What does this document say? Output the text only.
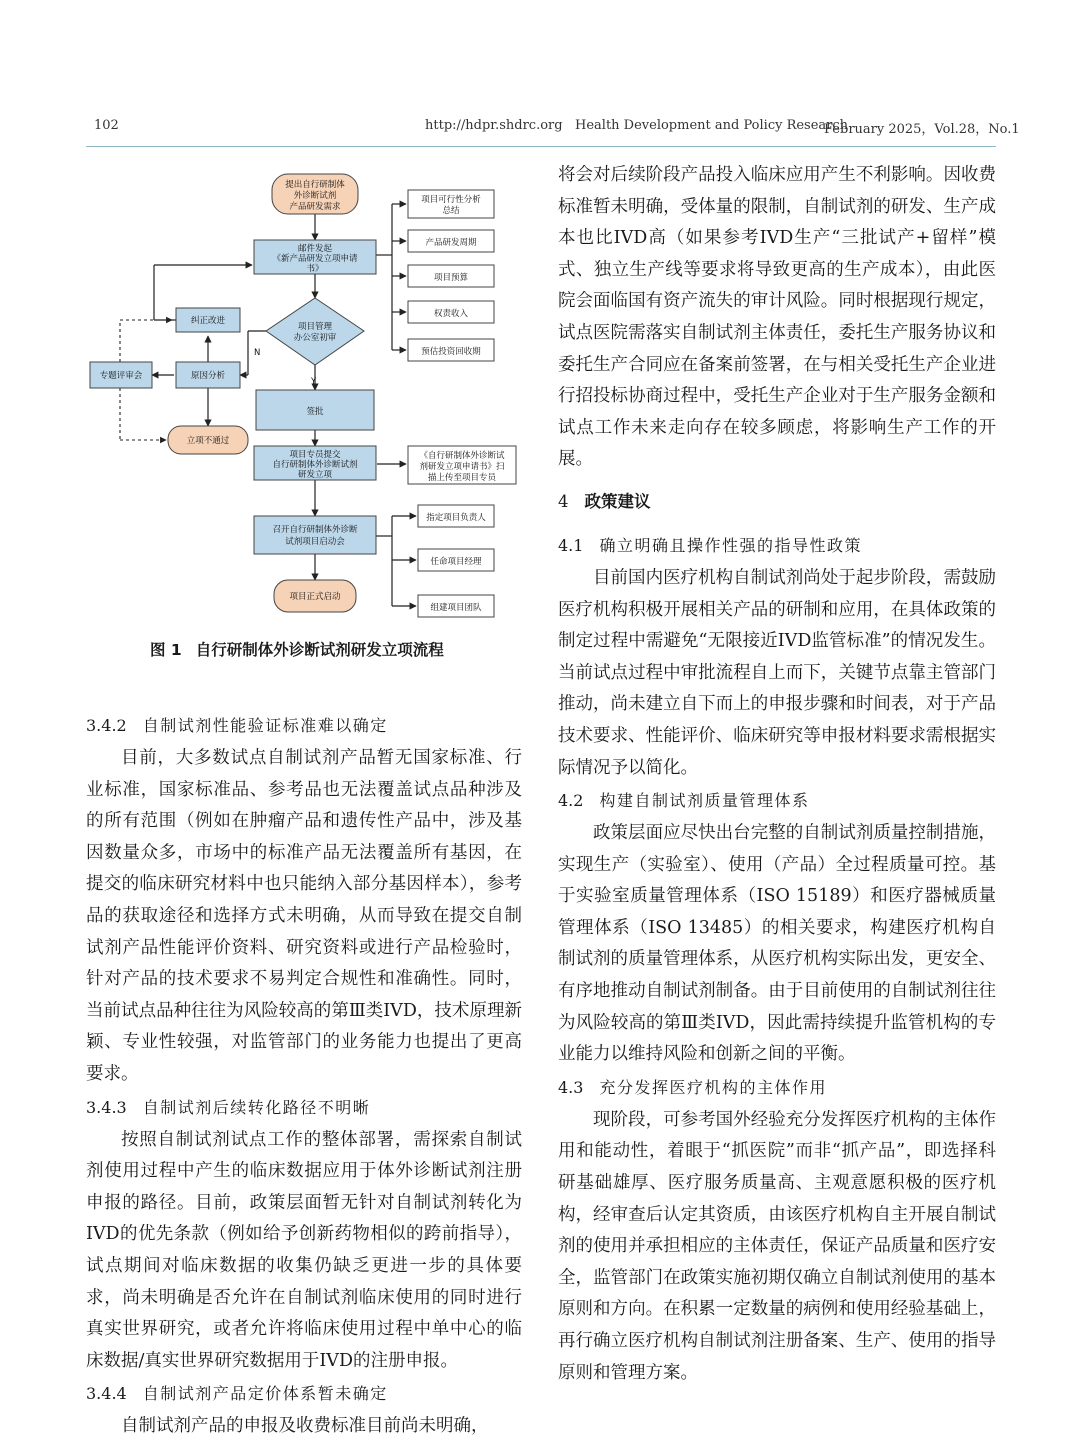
102	http://hdpr.shdrc.org Health Development and Policy Research
February 2025，Vol.28，No.1
提出自行研制体
外诊断试剂
产品研发需求
邮件发起
《新产品研发立项申请
书》
项目管理
办公室初审
N
Y
签批
项目专员提交
自行研制体外诊断试剂
研发立项
召开自行研制体外诊断
试剂项目启动会
项目正式启动
纠正改进
原因分析
专题评审会
立项不通过
项目可行性分析
总结
产品研发周期
项目预算
权责收入
预估投资回收期
《自行研制体外诊断试
剂研发立项申请书》扫
描上传至项目专员
指定项目负责人
任命项目经理
组建项目团队
图 1 自行研制体外诊断试剂研发立项流程

3.4.2 自制试剂性能验证标准难以确定

目前，大多数试点自制试剂产品暂无国家标准、行业标准，国家标准品、参考品也无法覆盖试点品种涉及的所有范围（例如在肿瘤产品和遗传性产品中，涉及基因数量众多，市场中的标准产品无法覆盖所有基因，在提交的临床研究材料中也只能纳入部分基因样本），参考品的获取途径和选择方式未明确，从而导致在提交自制试剂产品性能评价资料、研究资料或进行产品检验时，针对产品的技术要求不易判定合规性和准确性。同时，当前试点品种往往为风险较高的第Ⅲ类IVD，技术原理新颖、专业性较强，对监管部门的业务能力也提出了更高要求。

3.4.3 自制试剂后续转化路径不明晰

按照自制试剂试点工作的整体部署，需探索自制试剂使用过程中产生的临床数据应用于体外诊断试剂注册申报的路径。目前，政策层面暂无针对自制试剂转化为IVD的优先条款（例如给予创新药物相似的跨前指导），试点期间对临床数据的收集仍缺乏更进一步的具体要求，尚未明确是否允许在自制试剂临床使用的同时进行真实世界研究，或者允许将临床使用过程中单中心的临床数据/真实世界研究数据用于IVD的注册申报。

3.4.4 自制试剂产品定价体系暂未确定

自制试剂产品的申报及收费标准目前尚未明确，

将会对后续阶段产品投入临床应用产生不利影响。因收费标准暂未明确，受体量的限制，自制试剂的研发、生产成本也比IVD高（如果参考IVD生产“三批试产+留样”模式、独立生产线等要求将导致更高的生产成本），由此医院会面临国有资产流失的审计风险。同时根据现行规定，试点医院需落实自制试剂主体责任，委托生产服务协议和委托生产合同应在备案前签署，在与相关受托生产企业进行招投标协商过程中，受托生产企业对于生产服务金额和试点工作未来走向存在较多顾虑，将影响生产工作的开展。

4 政策建议

4.1 确立明确且操作性强的指导性政策

目前国内医疗机构自制试剂尚处于起步阶段，需鼓励医疗机构积极开展相关产品的研制和应用，在具体政策的制定过程中需避免“无限接近IVD监管标准”的情况发生。当前试点过程中审批流程自上而下，关键节点靠主管部门推动，尚未建立自下而上的申报步骤和时间表，对于产品技术要求、性能评价、临床研究等申报材料要求需根据实际情况予以简化。

4.2 构建自制试剂质量管理体系

政策层面应尽快出台完整的自制试剂质量控制措施，实现生产（实验室）、使用（产品）全过程质量可控。基于实验室质量管理体系（ISO 15189）和医疗器械质量管理体系（ISO 13485）的相关要求，构建医疗机构自制试剂的质量管理体系，从医疗机构实际出发，更安全、有序地推动自制试剂制备。由于目前使用的自制试剂往往为风险较高的第Ⅲ类IVD，因此需持续提升监管机构的专业能力以维持风险和创新之间的平衡。

4.3 充分发挥医疗机构的主体作用

现阶段，可参考国外经验充分发挥医疗机构的主体作用和能动性，着眼于“抓医院”而非“抓产品”，即选择科研基础雄厚、医疗服务质量高、主观意愿积极的医疗机构，经审查后认定其资质，由该医疗机构自主开展自制试剂的使用并承担相应的主体责任，保证产品质量和医疗安全，监管部门在政策实施初期仅确立自制试剂使用的基本原则和方向。在积累一定数量的病例和使用经验基础上，再行确立医疗机构自制试剂注册备案、生产、使用的指导原则和管理方案。
